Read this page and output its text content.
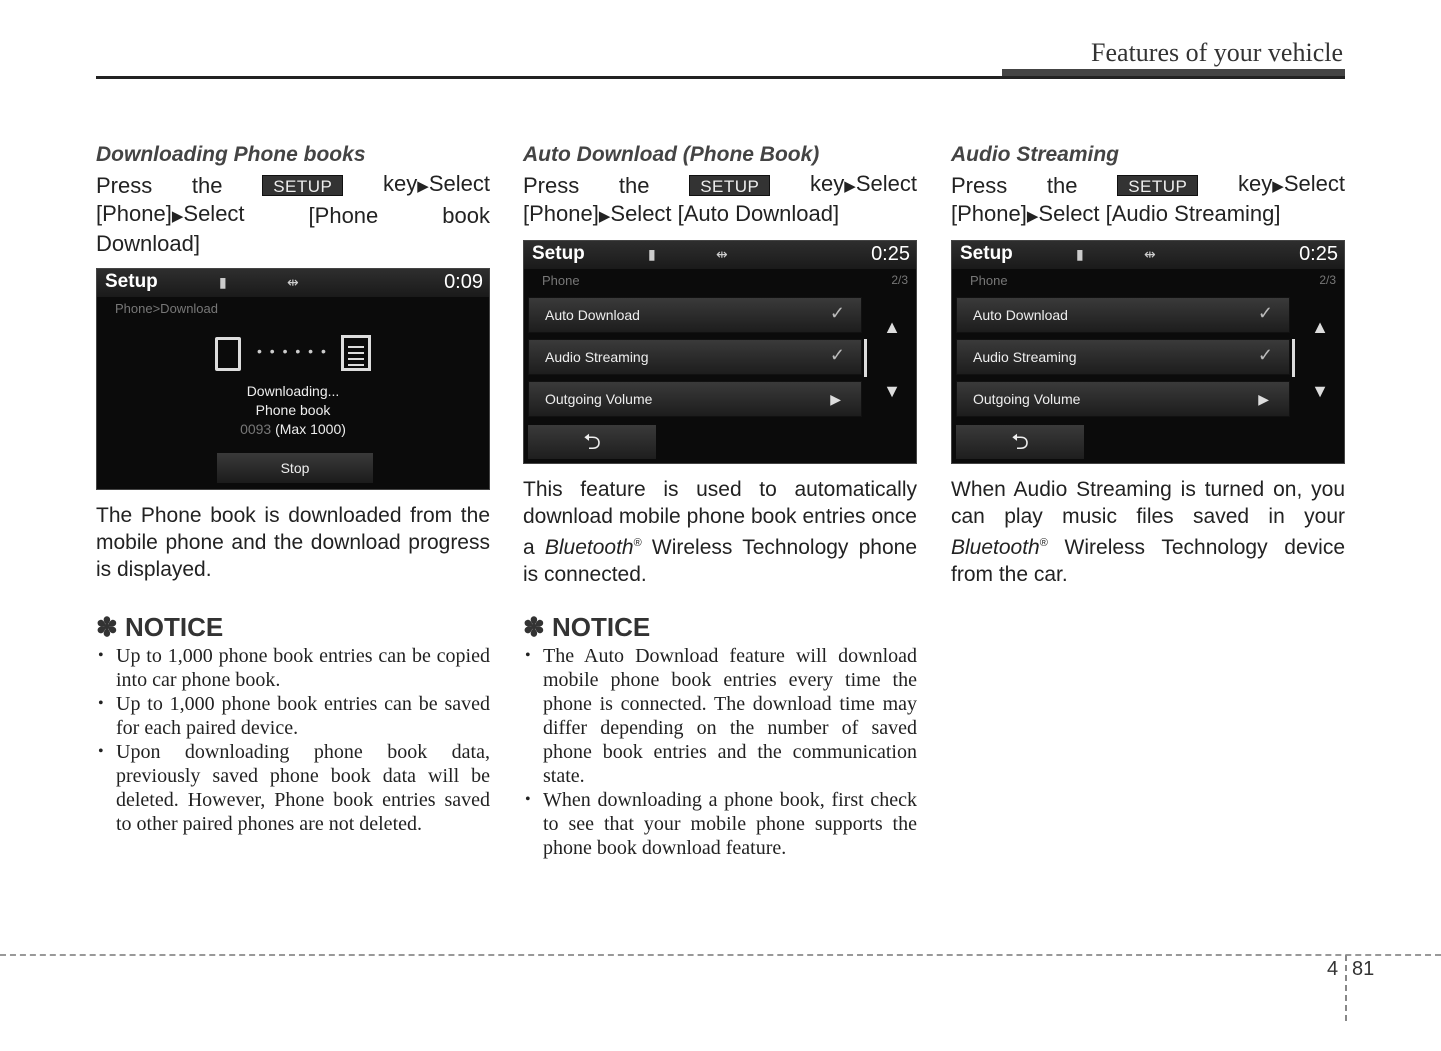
Features of your vehicle
Downloading Phone books
Press the	SETUP	key▶Select
[Phone]▶Select	[Phone	book
Download]
Setup	▮	⇹	0:09
Phone>Download
• • • • • •
Downloading...
Phone book
0093 (Max 1000)
Stop
The Phone book is downloaded from the mobile phone and the download progress is displayed.
✽ NOTICE
• Up to 1,000 phone book entries can be copied into car phone book.
• Up to 1,000 phone book entries can be saved for each paired device.
• Upon downloading phone book data, previously saved phone book data will be deleted. However, Phone book entries saved to other paired phones are not deleted.
Auto Download (Phone Book)
Press the	SETUP	key▶Select
[Phone]▶Select [Auto Download]
Setup	▮	⇹	0:25
Phone	2/3
Auto Download	✓
Audio Streaming	✓
Outgoing Volume	▶
▲
▼
⮌
This feature is used to automatically download mobile phone book entries once a Bluetooth® Wireless Technology phone is connected.
✽ NOTICE
• The Auto Download feature will download mobile phone book entries every time the phone is connected. The download time may differ depending on the number of saved phone book entries and the communication state.
• When downloading a phone book, first check to see that your mobile phone supports the phone book download feature.
Audio Streaming
Press the	SETUP	key▶Select
[Phone]▶Select [Audio Streaming]
Setup	▮	⇹	0:25
Phone	2/3
Auto Download	✓
Audio Streaming	✓
Outgoing Volume	▶
▲
▼
⮌
When Audio Streaming is turned on, you can play music files saved in your Bluetooth® Wireless Technology device from the car.
4 81
